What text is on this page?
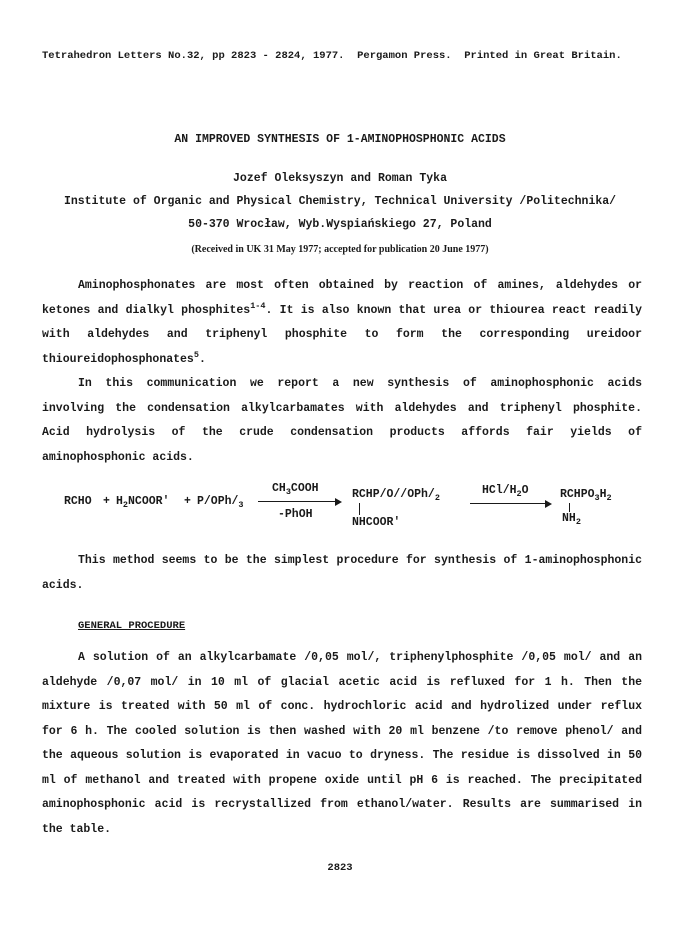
Tetrahedron Letters No.32, pp 2823 - 2824, 1977. Pergamon Press. Printed in Great Britain.
AN IMPROVED SYNTHESIS OF 1-AMINOPHOSPHONIC ACIDS
Jozef Oleksyszyn and Roman Tyka
Institute of Organic and Physical Chemistry, Technical University /Politechnika/
50-370 Wrocław, Wyb.Wyspiańskiego 27, Poland
(Received in UK 31 May 1977; accepted for publication 20 June 1977)

Aminophosphonates are most often obtained by reaction of amines, aldehydes or ketones and dialkyl phosphites$^{1-4}$. It is also known that urea or thiourea react readily with aldehydes and triphenyl phosphite to form the corresponding ureidoor thioureidophosphonates$^5$.

In this communication we report a new synthesis of aminophosphonic acids involving the condensation alkylcarbamates with aldehydes and triphenyl phosphite. Acid hydrolysis of the crude condensation products affords fair yields of aminophosphonic acids.

RCHO + $H_2NCOOR' + P/OPh/_3$
$CH_3COOH$
-PhOH
RCHP/$O//OPh/_2$
NHCOOR'
HCl/$H_2O$	$RCHPO_3H_2$
$NH_2$

This method seems to be the simplest procedure for synthesis of 1-aminophosphonic acids.

GENERAL PROCEDURE

A solution of an alkylcarbamate /0,05 mol/, triphenylphosphite /0,05 mol/ and an aldehyde /0,07 mol/ in 10 ml of glacial acetic acid is refluxed for 1 h. Then the mixture is treated with 50 ml of conc. hydrochloric acid and hydrolized under reflux for 6 h. The cooled solution is then washed with 20 ml benzene /to remove phenol/ and the aqueous solution is evaporated in vacuo to dryness. The residue is dissolved in 50 ml of methanol and treated with propene oxide until pH 6 is reached. The precipitated aminophosphonic acid is recrystallized from ethanol/water. Results are summarised in the table.

2823
